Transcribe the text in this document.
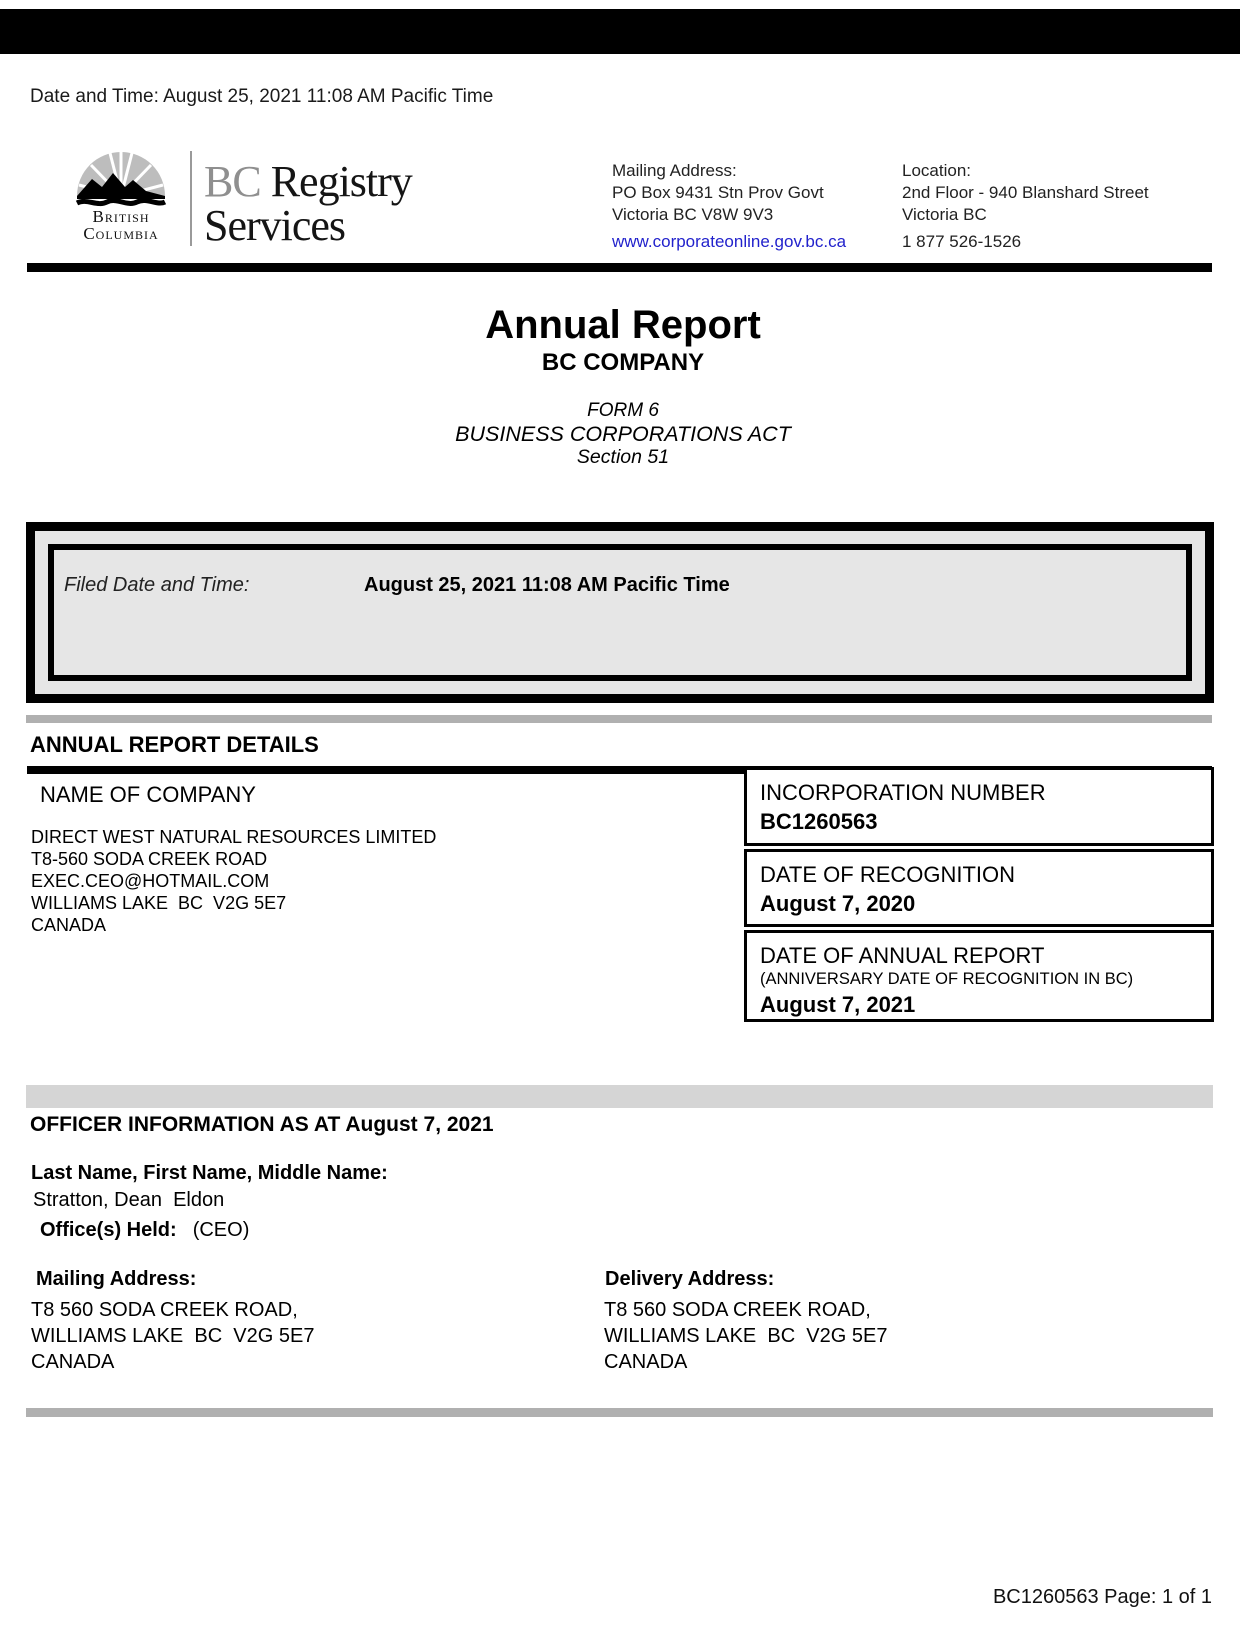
Date and Time: August 25, 2021 11:08 AM Pacific Time
British
Columbia
BC Registry
Services
Mailing Address:
PO Box 9431 Stn Prov Govt
Victoria BC V8W 9V3
www.corporateonline.gov.bc.ca
Location:
2nd Floor - 940 Blanshard Street
Victoria BC
1 877 526-1526
Annual Report
BC COMPANY
FORM 6
BUSINESS CORPORATIONS ACT
Section 51
Filed Date and Time:	August 25, 2021 11:08 AM Pacific Time
ANNUAL REPORT DETAILS
NAME OF COMPANY
DIRECT WEST NATURAL RESOURCES LIMITED
T8-560 SODA CREEK ROAD
EXEC.CEO@HOTMAIL.COM
WILLIAMS LAKE  BC  V2G 5E7
CANADA
INCORPORATION NUMBER
BC1260563
DATE OF RECOGNITION
August 7, 2020
DATE OF ANNUAL REPORT
(ANNIVERSARY DATE OF RECOGNITION IN BC)
August 7, 2021
OFFICER INFORMATION AS AT August 7, 2021
Last Name, First Name, Middle Name:
Stratton, Dean  Eldon
Office(s) Held: (CEO)
Mailing Address:
T8 560 SODA CREEK ROAD,
WILLIAMS LAKE  BC  V2G 5E7
CANADA
Delivery Address:
T8 560 SODA CREEK ROAD,
WILLIAMS LAKE  BC  V2G 5E7
CANADA
BC1260563 Page: 1 of 1
